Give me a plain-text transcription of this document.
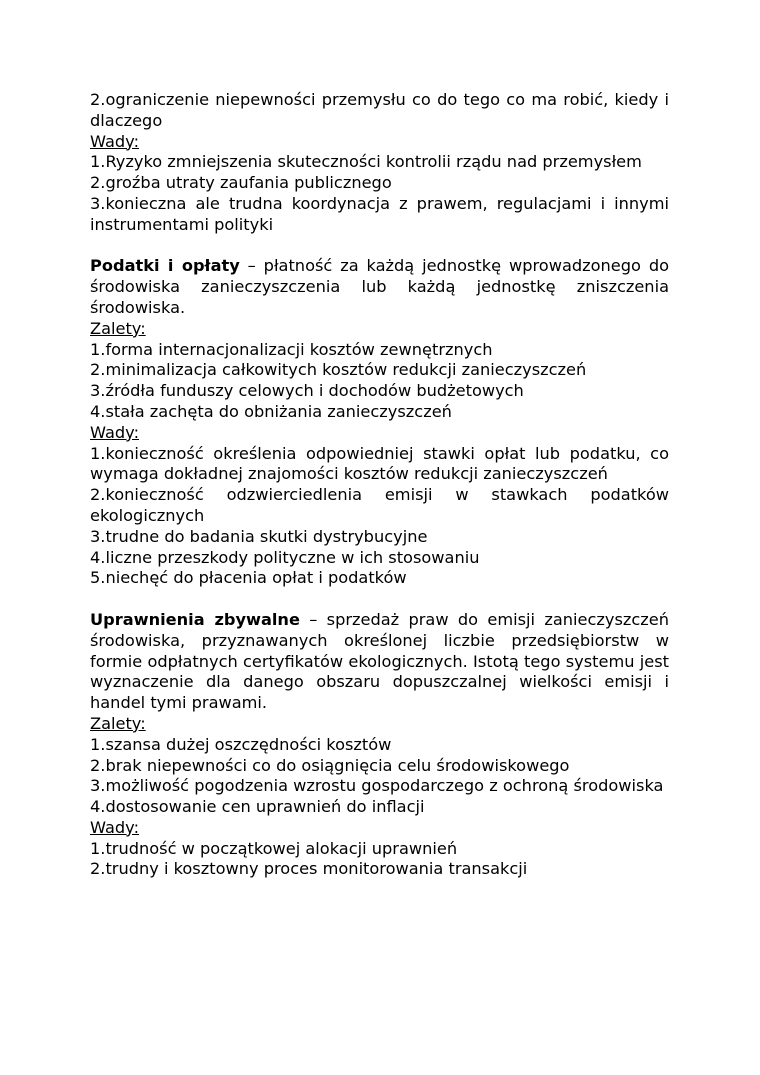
2.ograniczenie niepewności przemysłu co do tego co ma robić, kiedy i dlaczego

Wady:

1.Ryzyko zmniejszenia skuteczności kontrolii rządu nad przemysłem

2.groźba utraty zaufania publicznego

3.konieczna ale trudna koordynacja z prawem, regulacjami i innymi instrumentami polityki

Podatki i opłaty – płatność za każdą jednostkę wprowadzonego do środowiska zanieczyszczenia lub każdą jednostkę zniszczenia środowiska.

Zalety:

1.forma internacjonalizacji kosztów zewnętrznych

2.minimalizacja całkowitych kosztów redukcji zanieczyszczeń

3.źródła funduszy celowych i dochodów budżetowych

4.stała zachęta do obniżania zanieczyszczeń

Wady:

1.konieczność określenia odpowiedniej stawki opłat lub podatku, co wymaga dokładnej znajomości kosztów redukcji zanieczyszczeń

2.konieczność odzwierciedlenia emisji w stawkach podatków ekologicznych

3.trudne do badania skutki dystrybucyjne

4.liczne przeszkody polityczne w ich stosowaniu

5.niechęć do płacenia opłat i podatków

Uprawnienia zbywalne – sprzedaż praw do emisji zanieczyszczeń środowiska, przyznawanych określonej liczbie przedsiębiorstw w formie odpłatnych certyfikatów ekologicznych. Istotą tego systemu jest wyznaczenie dla danego obszaru dopuszczalnej wielkości emisji i handel tymi prawami.

Zalety:

1.szansa dużej oszczędności kosztów

2.brak niepewności co do osiągnięcia celu środowiskowego

3.możliwość pogodzenia wzrostu gospodarczego z ochroną środowiska

4.dostosowanie cen uprawnień do inflacji

Wady:

1.trudność w początkowej alokacji uprawnień

2.trudny i kosztowny proces monitorowania transakcji
